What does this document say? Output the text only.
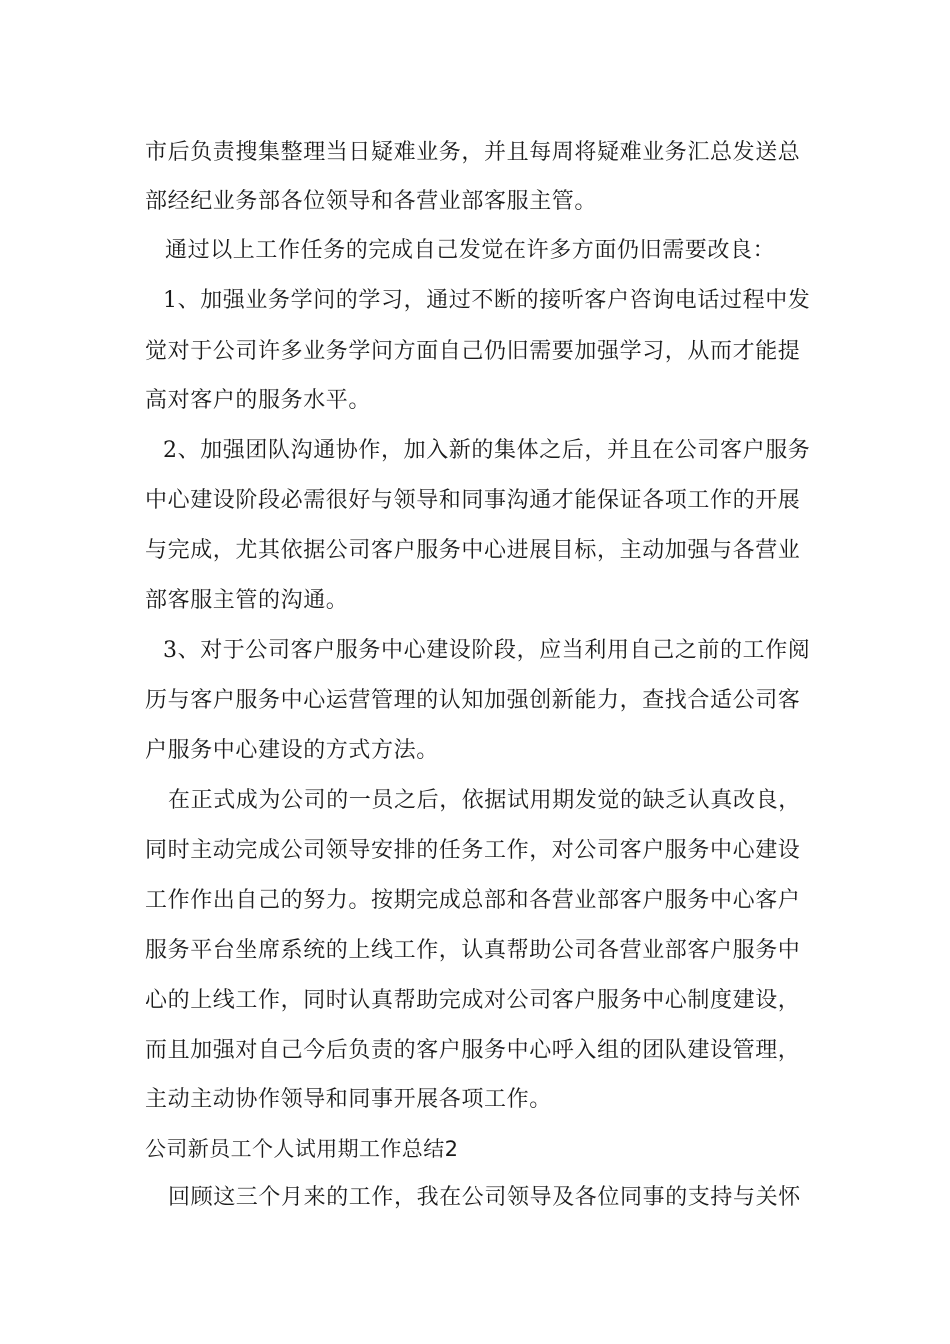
市后负责搜集整理当日疑难业务，并且每周将疑难业务汇总发送总
部经纪业务部各位领导和各营业部客服主管。
通过以上工作任务的完成自己发觉在许多方面仍旧需要改良：
1、加强业务学问的学习，通过不断的接听客户咨询电话过程中发
觉对于公司许多业务学问方面自己仍旧需要加强学习，从而才能提
高对客户的服务水平。
2、加强团队沟通协作，加入新的集体之后，并且在公司客户服务
中心建设阶段必需很好与领导和同事沟通才能保证各项工作的开展
与完成，尤其依据公司客户服务中心进展目标，主动加强与各营业
部客服主管的沟通。
3、对于公司客户服务中心建设阶段，应当利用自己之前的工作阅
历与客户服务中心运营管理的认知加强创新能力，查找合适公司客
户服务中心建设的方式方法。
在正式成为公司的一员之后，依据试用期发觉的缺乏认真改良，
同时主动完成公司领导安排的任务工作，对公司客户服务中心建设
工作作出自己的努力。按期完成总部和各营业部客户服务中心客户
服务平台坐席系统的上线工作，认真帮助公司各营业部客户服务中
心的上线工作，同时认真帮助完成对公司客户服务中心制度建设，
而且加强对自己今后负责的客户服务中心呼入组的团队建设管理，
主动主动协作领导和同事开展各项工作。
公司新员工个人试用期工作总结2
回顾这三个月来的工作，我在公司领导及各位同事的支持与关怀
